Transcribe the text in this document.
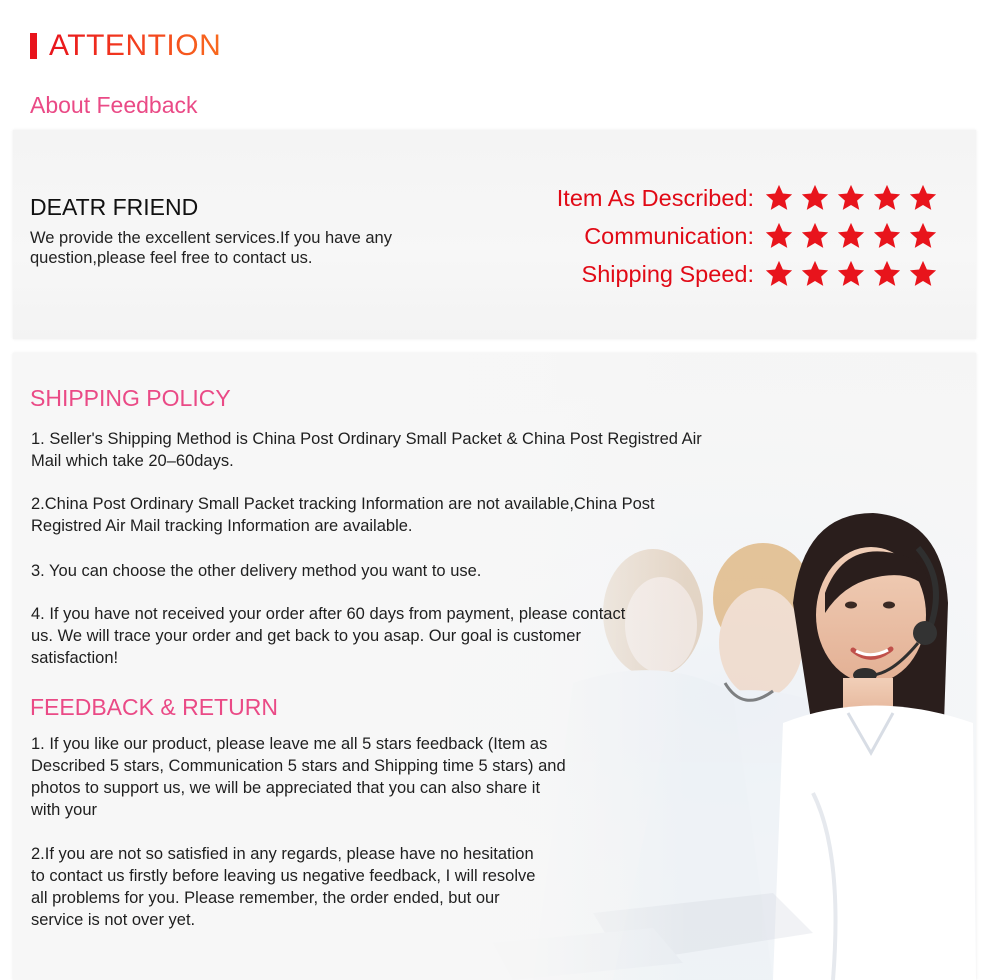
ATTENTION
About Feedback
DEATR FRIEND
We provide the excellent services.If you have any question,please feel free to contact us.
Item As Described:
Communication:
Shipping Speed:
SHIPPING POLICY
1. Seller's Shipping Method is China Post Ordinary Small Packet & China Post Registred Air Mail which take 20–60days.
2.China Post Ordinary Small Packet tracking Information are not available,China Post Registred Air Mail tracking Information are available.
3. You can choose the other delivery method you want to use.
4. If you have not received your order after 60 days from payment, please contact us. We will trace your order and get back to you asap. Our goal is customer satisfaction!
FEEDBACK & RETURN
1. If you like our product, please leave me all 5 stars feedback (Item as Described 5 stars, Communication 5 stars and Shipping time 5 stars) and photos to support us, we will be appreciated that you can also share it with your
2.If you are not so satisfied in any regards, please have no hesitation to contact us firstly before leaving us negative feedback, I will resolve all problems for you. Please remember, the order ended, but our service is not over yet.
